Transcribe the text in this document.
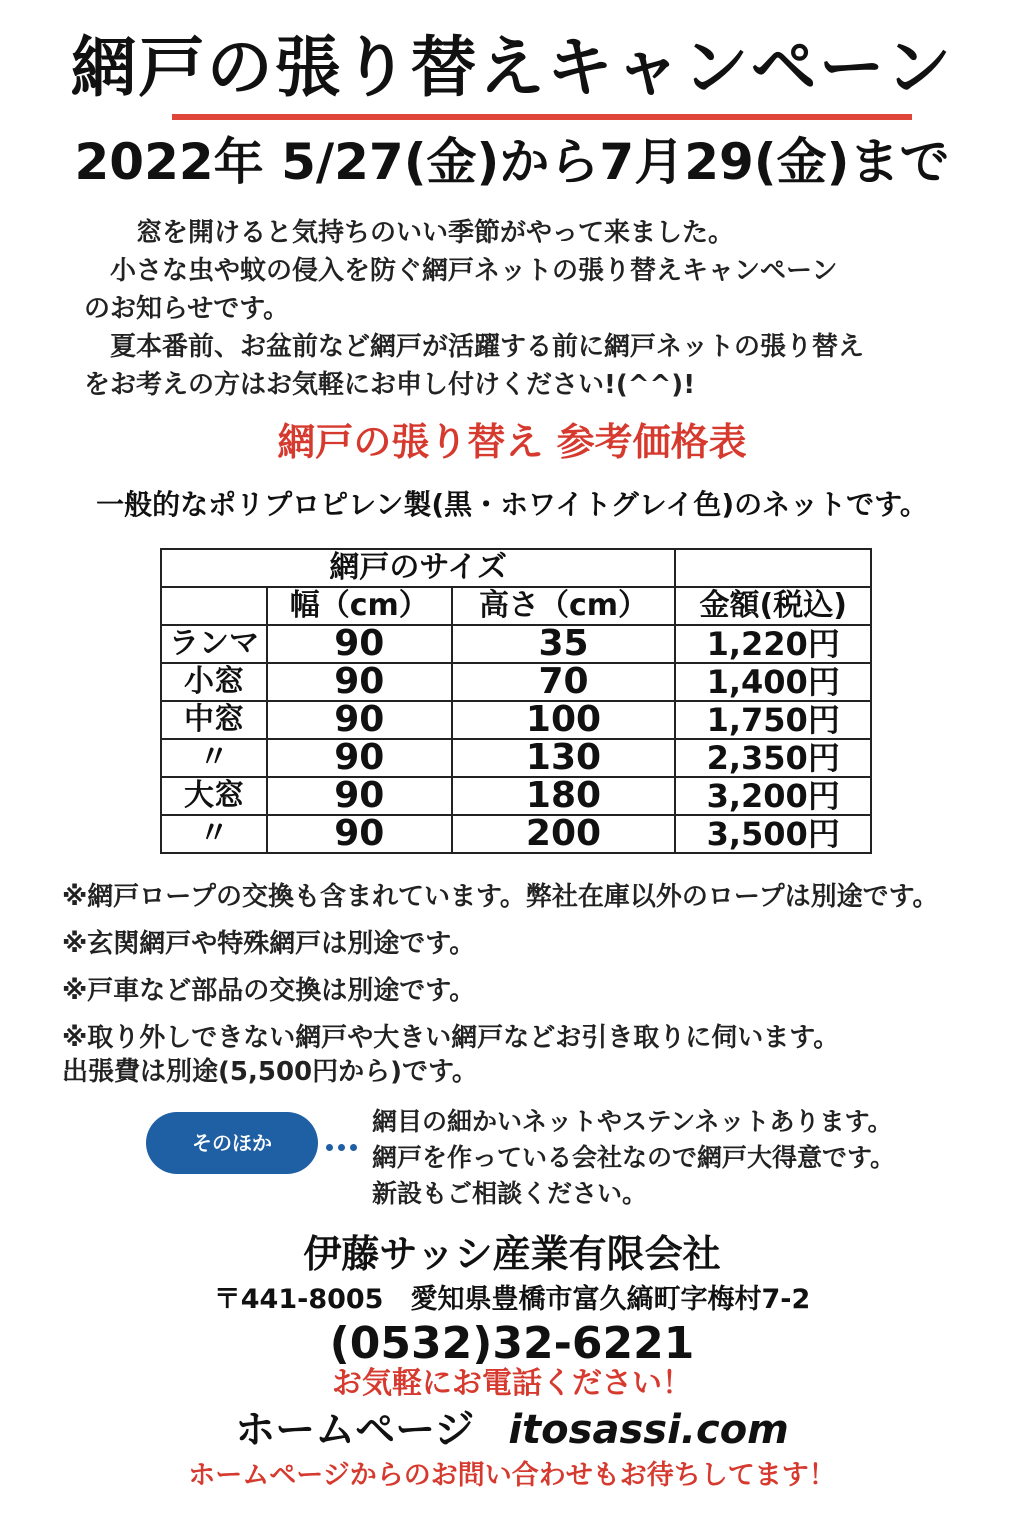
網戸の張り替えキャンペーン
2022年 5/27(金)から7月29(金)まで

　　窓を開けると気持ちのいい季節がやって来ました。

　小さな虫や蚊の侵入を防ぐ網戸ネットの張り替えキャンペーン

のお知らせです。

　夏本番前、お盆前など網戸が活躍する前に網戸ネットの張り替え

をお考えの方はお気軽にお申し付けください!(^^)!

網戸の張り替え 参考価格表
一般的なポリプロピレン製(黒・ホワイトグレイ色)のネットです。
網戸のサイズ			
	幅（cm）	高さ（cm）	金額(税込)
ランマ	90	35	1,220円
小窓	90	70	1,400円
中窓	90	100	1,750円
〃	90	130	2,350円
大窓	90	180	3,200円
〃	90	200	3,500円

※網戸ロープの交換も含まれています。弊社在庫以外のロープは別途です。

※玄関網戸や特殊網戸は別途です。

※戸車など部品の交換は別途です。

※取り外しできない網戸や大きい網戸などお引き取りに伺います。

出張費は別途(5,500円から)です。

そのほか

網目の細かいネットやステンネットあります。

網戸を作っている会社なので網戸大得意です。

新設もご相談ください。

伊藤サッシ産業有限会社
〒441-8005　愛知県豊橋市富久縞町字梅村7-2
(0532)32-6221
お気軽にお電話ください！
ホームページ itosassi.com
ホームページからのお問い合わせもお待ちしてます！
